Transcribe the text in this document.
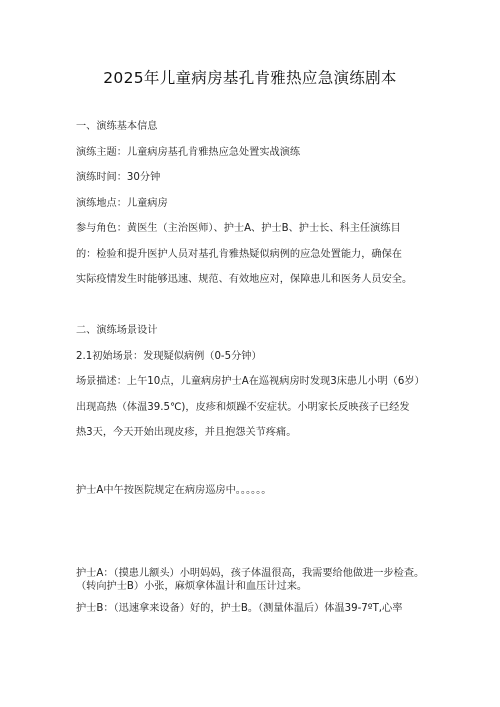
2025年儿童病房基孔肯雅热应急演练剧本
一、演练基本信息
演练主题：儿童病房基孔肯雅热应急处置实战演练
演练时间：30分钟
演练地点：儿童病房
参与角色：黄医生（主治医师）、护士A、护士B、护士长、科主任演练目
的：检验和提升医护人员对基孔肯雅热疑似病例的应急处置能力，确保在
实际疫情发生时能够迅速、规范、有效地应对，保障患儿和医务人员安全。
二、演练场景设计
2.1初始场景：发现疑似病例（0-5分钟）
场景描述：上午10点，儿童病房护士A在巡视病房时发现3床患儿小明（6岁）
出现高热（体温39.5℃)，皮疹和烦躁不安症状。小明家长反映孩子已经发
热3天，今天开始出现皮疹，并且抱怨关节疼痛。
护士A中午按医院规定在病房巡房中。。。。。。
护士A：（摸患儿额头）小明妈妈，孩子体温很高，我需要给他做进一步检查。（转向护士B）小张，麻烦拿体温计和血压计过来。
护士B：（迅速拿来设备）好的，护士B。（测量体温后）体温39-7ºT,心率
